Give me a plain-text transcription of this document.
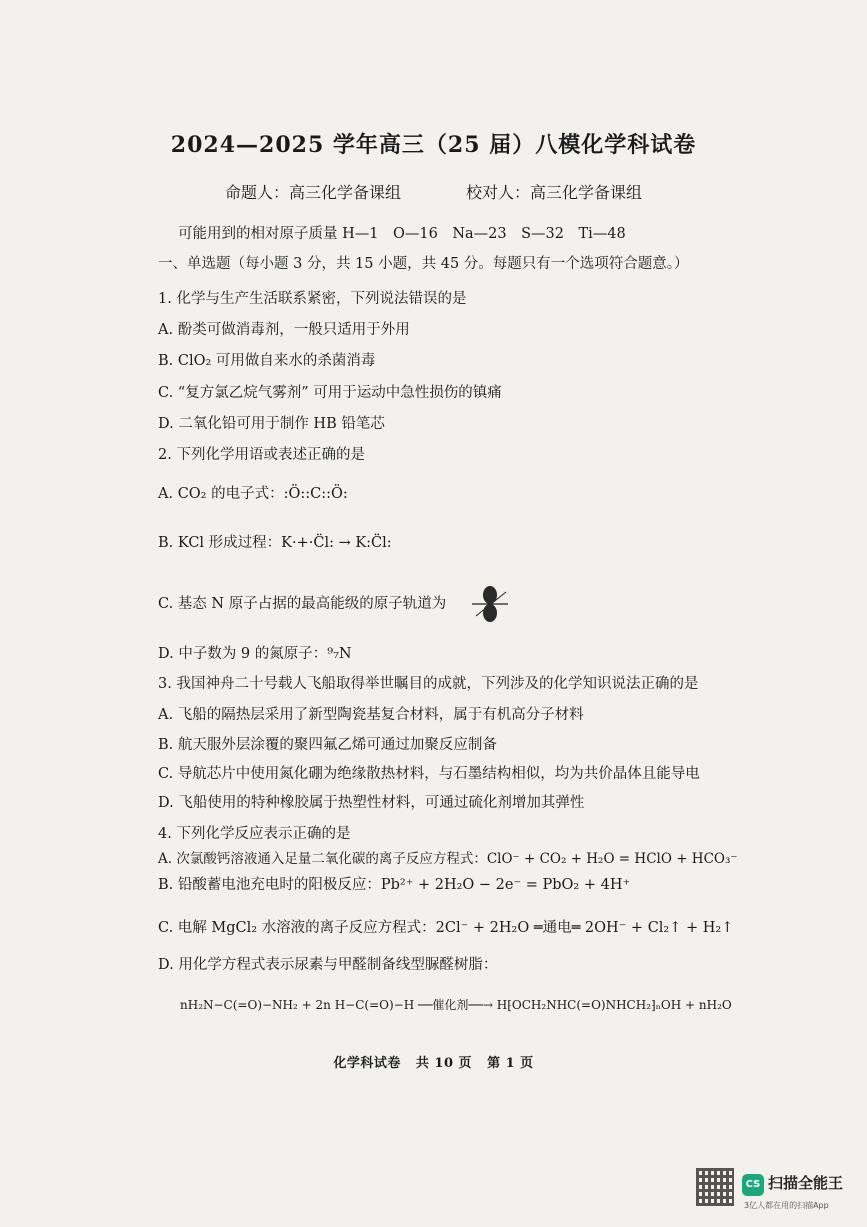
2024—2025 学年高三（25 届）八模化学科试卷
命题人：高三化学备课组	校对人：高三化学备课组
可能用到的相对原子质量 H—1　O—16　Na—23　S—32　Ti—48
一、单选题（每小题 3 分，共 15 小题，共 45 分。每题只有一个选项符合题意。）
1. 化学与生产生活联系紧密，下列说法错误的是
A. 酚类可做消毒剂，一般只适用于外用
B. ClO₂ 可用做自来水的杀菌消毒
C. “复方氯乙烷气雾剂” 可用于运动中急性损伤的镇痛
D. 二氧化铅可用于制作 HB 铅笔芯
2. 下列化学用语或表述正确的是
A. CO₂ 的电子式：:Ö::C::Ö:
B. KCl 形成过程：K·+·C̈l: → K:C̈l:
C. 基态 N 原子占据的最高能级的原子轨道为
D. 中子数为 9 的氮原子：⁹₇N
3. 我国神舟二十号载人飞船取得举世瞩目的成就，下列涉及的化学知识说法正确的是
A. 飞船的隔热层采用了新型陶瓷基复合材料，属于有机高分子材料
B. 航天服外层涂覆的聚四氟乙烯可通过加聚反应制备
C. 导航芯片中使用氮化硼为绝缘散热材料，与石墨结构相似，均为共价晶体且能导电
D. 飞船使用的特种橡胶属于热塑性材料，可通过硫化剂增加其弹性
4. 下列化学反应表示正确的是
A. 次氯酸钙溶液通入足量二氧化碳的离子反应方程式：ClO⁻ + CO₂ + H₂O = HClO + HCO₃⁻
B. 铅酸蓄电池充电时的阳极反应：Pb²⁺ + 2H₂O − 2e⁻ = PbO₂ + 4H⁺
C. 电解 MgCl₂ 水溶液的离子反应方程式：2Cl⁻ + 2H₂O ═通电═ 2OH⁻ + Cl₂↑ + H₂↑
D. 用化学方程式表示尿素与甲醛制备线型脲醛树脂：
nH₂N−C(=O)−NH₂ + 2n H−C(=O)−H ──催化剂──→ H⁅OCH₂NHC(=O)NHCH₂⁆ₙOH + nH₂O
化学科试卷 共 10 页 第 1 页
CS 扫描全能王
3亿人都在用的扫描App
